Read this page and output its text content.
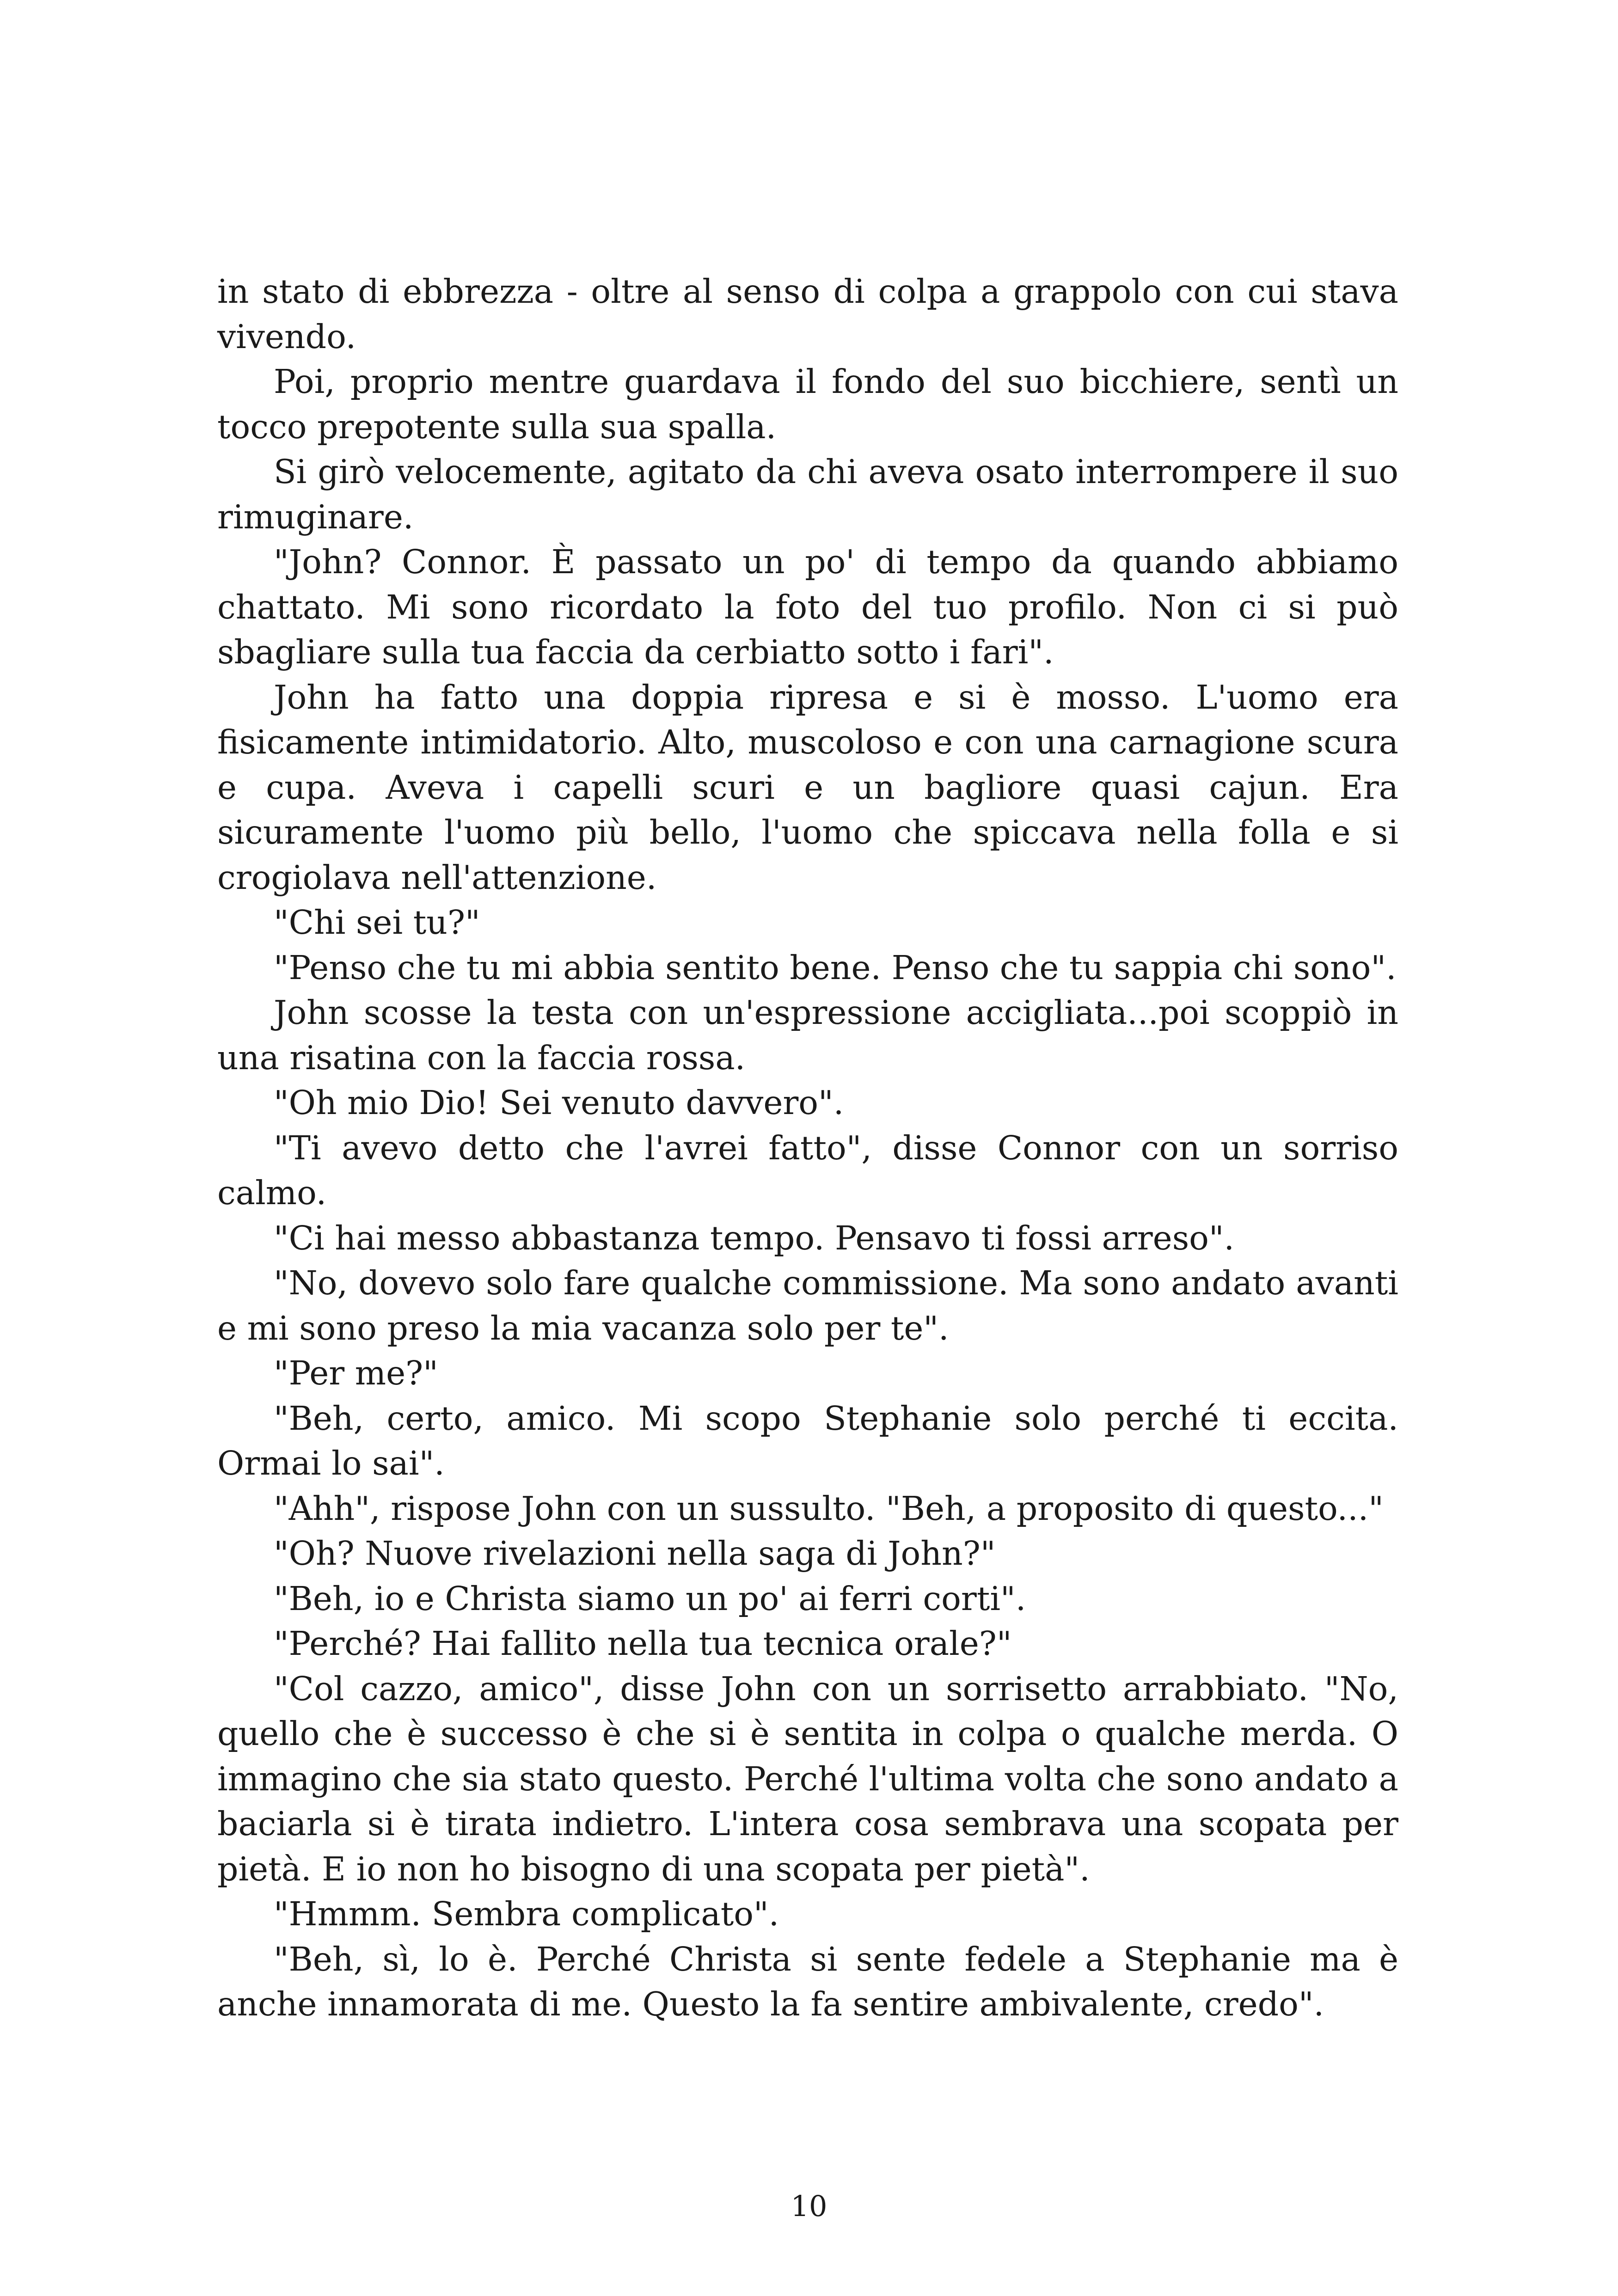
in stato di ebbrezza - oltre al senso di colpa a grappolo con cui stava vivendo.

Poi, proprio mentre guardava il fondo del suo bicchiere, sentì un tocco prepotente sulla sua spalla.

Si girò velocemente, agitato da chi aveva osato interrompere il suo rimuginare.

"John? Connor. È passato un po' di tempo da quando abbiamo chattato. Mi sono ricordato la foto del tuo profilo. Non ci si può sbagliare sulla tua faccia da cerbiatto sotto i fari".

John ha fatto una doppia ripresa e si è mosso. L'uomo era fisicamente intimidatorio. Alto, muscoloso e con una carnagione scura e cupa. Aveva i capelli scuri e un bagliore quasi cajun. Era sicuramente l'uomo più bello, l'uomo che spiccava nella folla e si crogiolava nell'attenzione.

"Chi sei tu?"

"Penso che tu mi abbia sentito bene. Penso che tu sappia chi sono".

John scosse la testa con un'espressione accigliata...poi scoppiò in una risatina con la faccia rossa.

"Oh mio Dio! Sei venuto davvero".

"Ti avevo detto che l'avrei fatto", disse Connor con un sorriso calmo.

"Ci hai messo abbastanza tempo. Pensavo ti fossi arreso".

"No, dovevo solo fare qualche commissione. Ma sono andato avanti e mi sono preso la mia vacanza solo per te".

"Per me?"

"Beh, certo, amico. Mi scopo Stephanie solo perché ti eccita. Ormai lo sai".

"Ahh", rispose John con un sussulto. "Beh, a proposito di questo..."

"Oh? Nuove rivelazioni nella saga di John?"

"Beh, io e Christa siamo un po' ai ferri corti".

"Perché? Hai fallito nella tua tecnica orale?"

"Col cazzo, amico", disse John con un sorrisetto arrabbiato. "No, quello che è successo è che si è sentita in colpa o qualche merda. O immagino che sia stato questo. Perché l'ultima volta che sono andato a baciarla si è tirata indietro. L'intera cosa sembrava una scopata per pietà. E io non ho bisogno di una scopata per pietà".

"Hmmm. Sembra complicato".

"Beh, sì, lo è. Perché Christa si sente fedele a Stephanie ma è anche innamorata di me. Questo la fa sentire ambivalente, credo".

10
